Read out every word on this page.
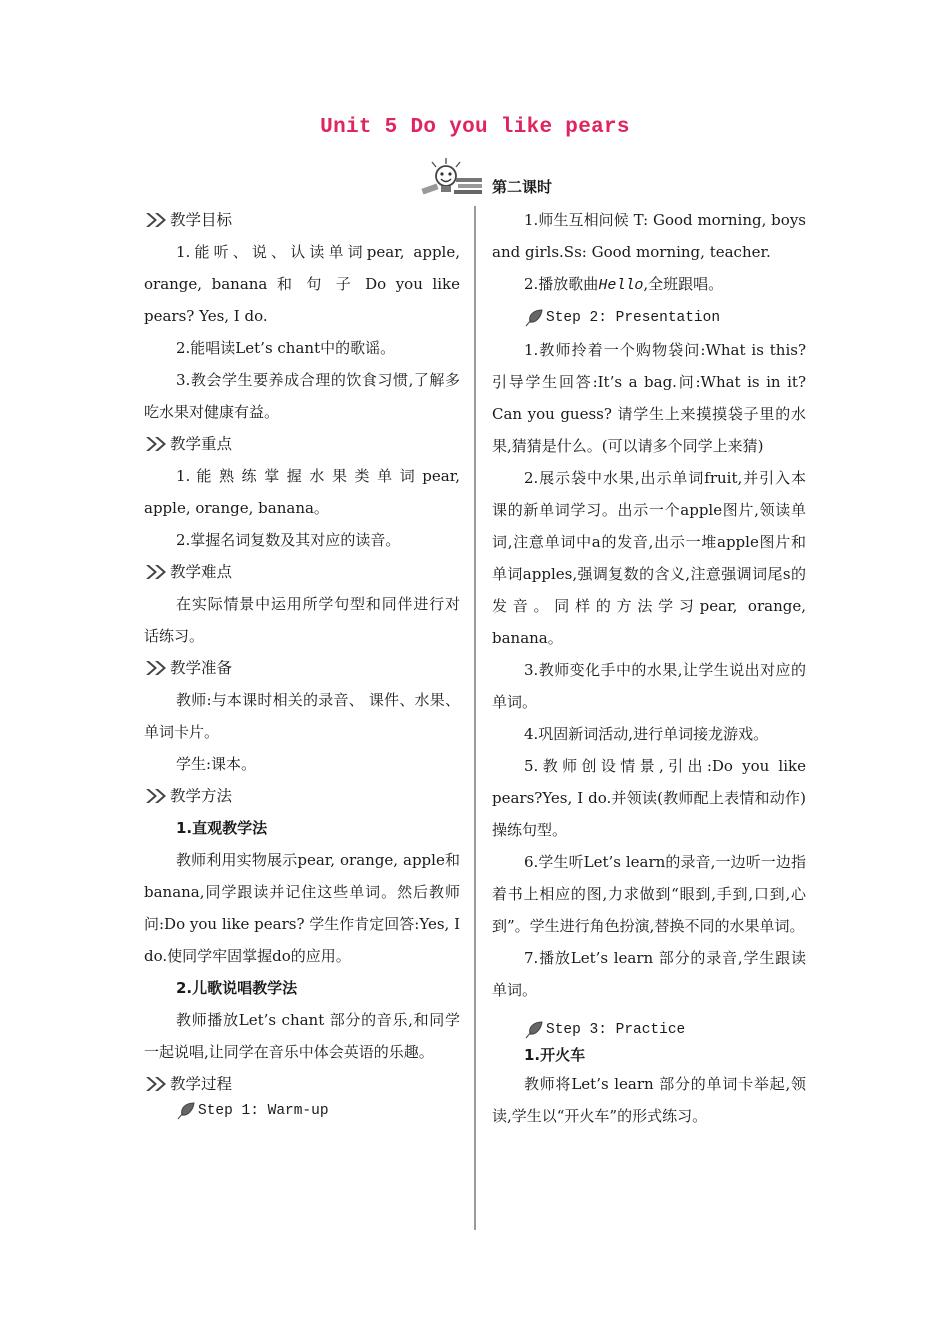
Unit 5 Do you like pears
教学目标

1.能听、说、认读单词pear, apple, orange, banana 和 句 子 Do you like pears? Yes, I do.

2.能唱读Let’s chant中的歌谣。

3.教会学生要养成合理的饮食习惯,了解多吃水果对健康有益。

教学重点

1. 能 熟 练 掌 握 水 果 类 单 词 pear, apple, orange, banana。

2.掌握名词复数及其对应的读音。

教学难点

在实际情景中运用所学句型和同伴进行对话练习。

教学准备

教师:与本课时相关的录音、 课件、水果、单词卡片。

学生:课本。

教学方法

1.直观教学法

教师利用实物展示pear, orange, apple和banana,同学跟读并记住这些单词。然后教师问:Do you like pears? 学生作肯定回答:Yes, I do.使同学牢固掌握do的应用。

2.儿歌说唱教学法

教师播放Let’s chant 部分的音乐,和同学一起说唱,让同学在音乐中体会英语的乐趣。

教学过程
Step 1: Warm-up

第二课时

1.师生互相问候 T: Good morning, boys and girls.Ss: Good morning, teacher.

2.播放歌曲Hello,全班跟唱。

Step 2: Presentation

1.教师拎着一个购物袋问:What is this?引导学生回答:It’s a bag.问:What is in it? Can you guess? 请学生上来摸摸袋子里的水果,猜猜是什么。(可以请多个同学上来猜)

2.展示袋中水果,出示单词fruit,并引入本课的新单词学习。出示一个apple图片,领读单词,注意单词中a的发音,出示一堆apple图片和单词apples,强调复数的含义,注意强调词尾s的发音。同样的方法学习pear, orange, banana。

3.教师变化手中的水果,让学生说出对应的单词。

4.巩固新词活动,进行单词接龙游戏。

5.教师创设情景,引出:Do you like pears?Yes, I do.并领读(教师配上表情和动作)操练句型。

6.学生听Let’s learn的录音,一边听一边指着书上相应的图,力求做到“眼到,手到,口到,心到”。学生进行角色扮演,替换不同的水果单词。

7.播放Let’s learn 部分的录音,学生跟读单词。

Step 3: Practice

1.开火车

教师将Let’s learn 部分的单词卡举起,领读,学生以“开火车”的形式练习。
